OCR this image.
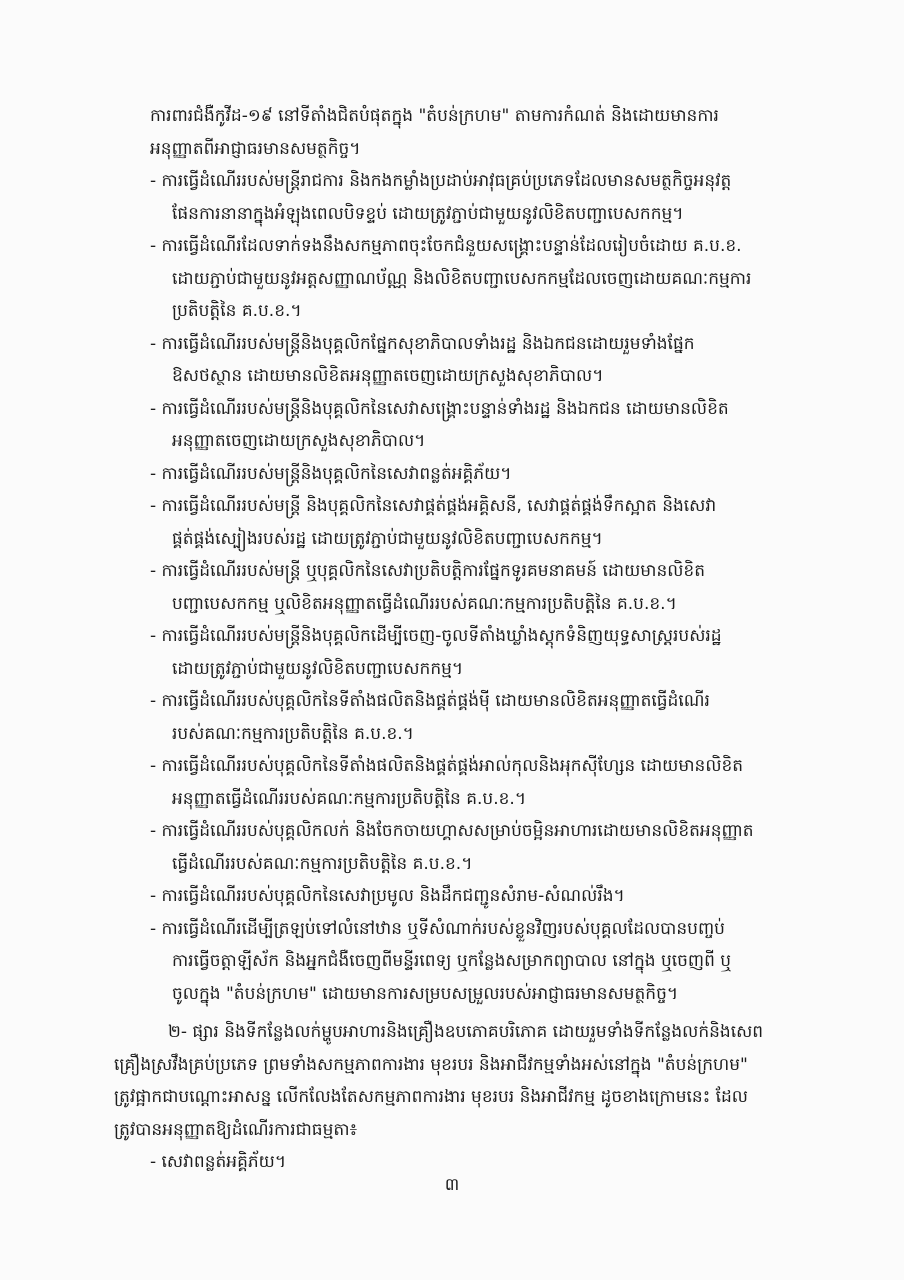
ការពារជំងឺកូវីដ-១៩ នៅទីតាំងជិតបំផុតក្នុង "តំបន់ក្រហម" តាមការកំណត់ និងដោយមានការ
អនុញ្ញាតពីអាជ្ញាធរមានសមត្ថកិច្ច។
- ការធ្វើដំណើររបស់មន្ត្រីរាជការ និងកងកម្លាំងប្រដាប់អាវុធគ្រប់ប្រភេទដែលមានសមត្ថកិច្ចអនុវត្ត
ផែនការនានាក្នុងអំឡុងពេលបិទខ្ទប់ ដោយត្រូវភ្ជាប់ជាមួយនូវលិខិតបញ្ជាបេសកកម្ម។
- ការធ្វើដំណើរដែលទាក់ទងនឹងសកម្មភាពចុះចែកជំនួយសង្គ្រោះបន្ទាន់ដែលរៀបចំដោយ គ.ប.ខ.
ដោយភ្ជាប់ជាមួយនូវអត្តសញ្ញាណប័ណ្ណ និងលិខិតបញ្ជាបេសកកម្មដែលចេញដោយគណៈកម្មការ
ប្រតិបត្តិនៃ គ.ប.ខ.។
- ការធ្វើដំណើររបស់មន្ត្រីនិងបុគ្គលិកផ្នែកសុខាភិបាលទាំងរដ្ឋ និងឯកជនដោយរួមទាំងផ្នែក
ឱសថស្ថាន ដោយមានលិខិតអនុញ្ញាតចេញដោយក្រសួងសុខាភិបាល។
- ការធ្វើដំណើររបស់មន្ត្រីនិងបុគ្គលិកនៃសេវាសង្គ្រោះបន្ទាន់ទាំងរដ្ឋ និងឯកជន ដោយមានលិខិត
អនុញ្ញាតចេញដោយក្រសួងសុខាភិបាល។
- ការធ្វើដំណើររបស់មន្ត្រីនិងបុគ្គលិកនៃសេវាពន្លត់អគ្គិភ័យ។
- ការធ្វើដំណើររបស់មន្ត្រី និងបុគ្គលិកនៃសេវាផ្គត់ផ្គង់អគ្គិសនី, សេវាផ្គត់ផ្គង់ទឹកស្អាត និងសេវា
ផ្គត់ផ្គង់ស្បៀងរបស់រដ្ឋ ដោយត្រូវភ្ជាប់ជាមួយនូវលិខិតបញ្ជាបេសកកម្ម។
- ការធ្វើដំណើររបស់មន្ត្រី ឬបុគ្គលិកនៃសេវាប្រតិបត្តិការផ្នែកទូរគមនាគមន៍ ដោយមានលិខិត
បញ្ជាបេសកកម្ម ឬលិខិតអនុញ្ញាតធ្វើដំណើររបស់គណៈកម្មការប្រតិបត្តិនៃ គ.ប.ខ.។
- ការធ្វើដំណើររបស់មន្ត្រីនិងបុគ្គលិកដើម្បីចេញ-ចូលទីតាំងឃ្លាំងស្តុកទំនិញយុទ្ធសាស្ត្ររបស់រដ្ឋ
ដោយត្រូវភ្ជាប់ជាមួយនូវលិខិតបញ្ជាបេសកកម្ម។
- ការធ្វើដំណើររបស់បុគ្គលិកនៃទីតាំងផលិតនិងផ្គត់ផ្គង់ម៉ី ដោយមានលិខិតអនុញ្ញាតធ្វើដំណើរ
របស់គណៈកម្មការប្រតិបត្តិនៃ គ.ប.ខ.។
- ការធ្វើដំណើររបស់បុគ្គលិកនៃទីតាំងផលិតនិងផ្គត់ផ្គង់អាល់កុលនិងអុកស៊ីហ្សែន ដោយមានលិខិត
អនុញ្ញាតធ្វើដំណើររបស់គណៈកម្មការប្រតិបត្តិនៃ គ.ប.ខ.។
- ការធ្វើដំណើររបស់បុគ្គលិកលក់ និងចែកចាយហ្គាសសម្រាប់ចម្អិនអាហារដោយមានលិខិតអនុញ្ញាត
ធ្វើដំណើររបស់គណៈកម្មការប្រតិបត្តិនៃ គ.ប.ខ.។
- ការធ្វើដំណើររបស់បុគ្គលិកនៃសេវាប្រមូល និងដឹកជញ្ជូនសំរាម-សំណល់រឹង។
- ការធ្វើដំណើរដើម្បីត្រឡប់ទៅលំនៅឋាន ឬទីសំណាក់របស់ខ្លួនវិញរបស់បុគ្គលដែលបានបញ្ចប់
ការធ្វើចត្តាឡីស័ក និងអ្នកជំងឺចេញពីមន្ទីរពេទ្យ ឬកន្លែងសម្រាកព្យាបាល នៅក្នុង ឬចេញពី ឬ
ចូលក្នុង "តំបន់ក្រហម" ដោយមានការសម្របសម្រួលរបស់អាជ្ញាធរមានសមត្ថកិច្ច។
២- ផ្សារ និងទីកន្លែងលក់ម្ហូបអាហារនិងគ្រឿងឧបភោគបរិភោគ ដោយរួមទាំងទីកន្លែងលក់និងសេព
គ្រឿងស្រវឹងគ្រប់ប្រភេទ ព្រមទាំងសកម្មភាពការងារ មុខរបរ និងអាជីវកម្មទាំងអស់នៅក្នុង "តំបន់ក្រហម"
ត្រូវផ្អាកជាបណ្តោះអាសន្ន លើកលែងតែសកម្មភាពការងារ មុខរបរ និងអាជីវកម្ម ដូចខាងក្រោមនេះ ដែល
ត្រូវបានអនុញ្ញាតឱ្យដំណើរការជាធម្មតា៖
- សេវាពន្លត់អគ្គិភ័យ។
៣
